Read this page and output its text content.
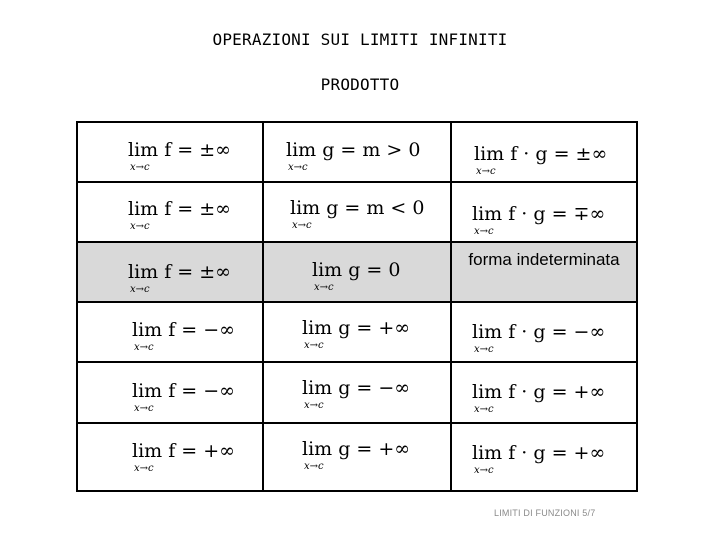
OPERAZIONI SUI LIMITI INFINITI
PRODOTTO
lim f = ±∞
x→c
lim g = m > 0
x→c
lim f · g = ±∞
x→c
lim f = ±∞
x→c
lim g = m < 0
x→c
lim f · g = ∓∞
x→c
lim f = ±∞
x→c
lim g = 0
x→c
forma indeterminata
lim f = −∞
x→c
lim g = +∞
x→c
lim f · g = −∞
x→c
lim f = −∞
x→c
lim g = −∞
x→c
lim f · g = +∞
x→c
lim f = +∞
x→c
lim g = +∞
x→c
lim f · g = +∞
x→c
LIMITI DI FUNZIONI 5/7
